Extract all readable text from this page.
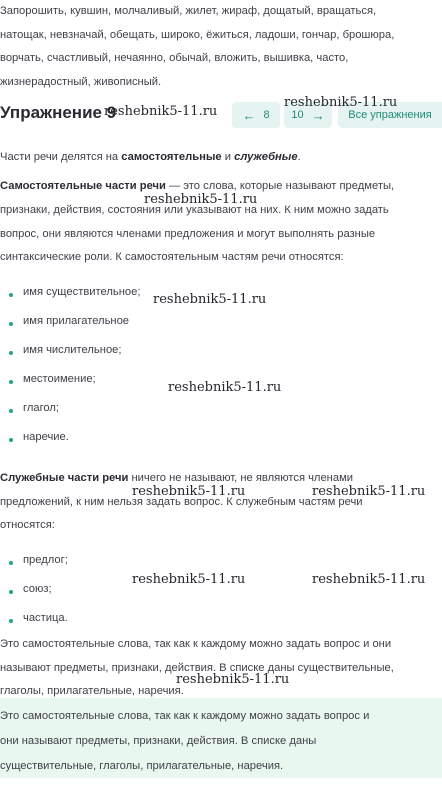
Запорошить, кувшин, молчаливый, жилет, жираф, дощатый, вращаться,
натощак, невзначай, обещать, широко, ёжиться, ладоши, гончар, брошюра,
ворчать, счастливый, нечаянно, обычай, вложить, вышивка, часто,
жизнерадостный, живописный.
Упражнение 9	← 8 10 → Все упражнения
Части речи делятся на самостоятельные и служебные.
Самостоятельные части речи — это слова, которые называют предметы,
признаки, действия, состояния или указывают на них. К ним можно задать
вопрос, они являются членами предложения и могут выполнять разные
синтаксические роли. К самостоятельным частям речи относятся:
имя существительное;
имя прилагательное
имя числительное;
местоимение;
глагол;
наречие.
Служебные части речи ничего не называют, не являются членами
предложений, к ним нельзя задать вопрос. К служебным частям речи
относятся:
предлог;
союз;
частица.
Это самостоятельные слова, так как к каждому можно задать вопрос и они
называют предметы, признаки, действия. В списке даны существительные,
глаголы, прилагательные, наречия.
Это самостоятельные слова, так как к каждому можно задать вопрос и
они называют предметы, признаки, действия. В списке даны
существительные, глаголы, прилагательные, наречия.
reshebnik5-11.ru
reshebnik5-11.ru
reshebnik5-11.ru
reshebnik5-11.ru
reshebnik5-11.ru
reshebnik5-11.ru	reshebnik5-11.ru
reshebnik5-11.ru	reshebnik5-11.ru
reshebnik5-11.ru
